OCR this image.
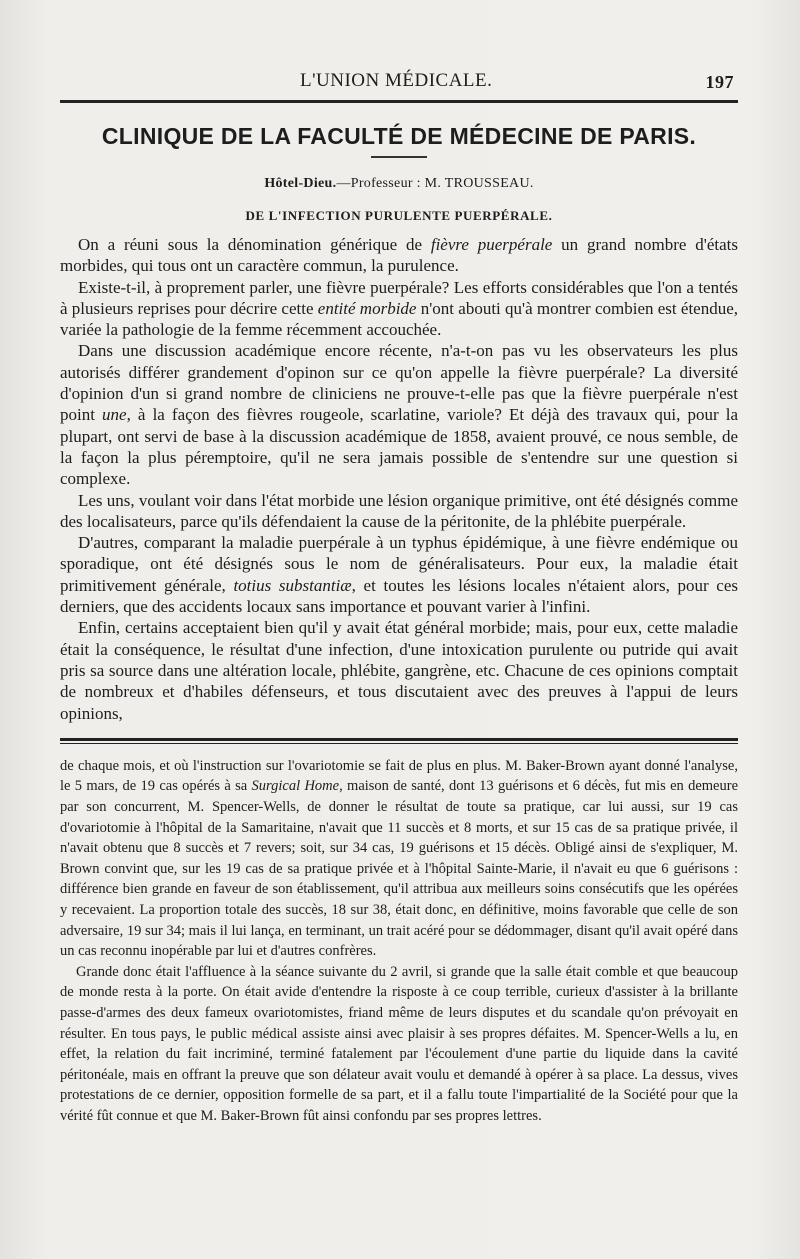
L'UNION MÉDICALE.	197
CLINIQUE DE LA FACULTÉ DE MÉDECINE DE PARIS.
Hôtel-Dieu.—Professeur : M. TROUSSEAU.
DE L'INFECTION PURULENTE PUERPÉRALE.

On a réuni sous la dénomination générique de fièvre puerpérale un grand nombre d'états morbides, qui tous ont un caractère commun, la purulence.

Existe-t-il, à proprement parler, une fièvre puerpérale? Les efforts considérables que l'on a tentés à plusieurs reprises pour décrire cette entité morbide n'ont abouti qu'à montrer combien est étendue, variée la pathologie de la femme récemment accouchée.

Dans une discussion académique encore récente, n'a-t-on pas vu les observateurs les plus autorisés différer grandement d'opinon sur ce qu'on appelle la fièvre puerpérale? La diversité d'opinion d'un si grand nombre de cliniciens ne prouve-t-elle pas que la fièvre puerpérale n'est point une, à la façon des fièvres rougeole, scarlatine, variole? Et déjà des travaux qui, pour la plupart, ont servi de base à la discussion académique de 1858, avaient prouvé, ce nous semble, de la façon la plus péremptoire, qu'il ne sera jamais possible de s'entendre sur une question si complexe.

Les uns, voulant voir dans l'état morbide une lésion organique primitive, ont été désignés comme des localisateurs, parce qu'ils défendaient la cause de la péritonite, de la phlébite puerpérale.

D'autres, comparant la maladie puerpérale à un typhus épidémique, à une fièvre endémique ou sporadique, ont été désignés sous le nom de généralisateurs. Pour eux, la maladie était primitivement générale, totius substantiæ, et toutes les lésions locales n'étaient alors, pour ces derniers, que des accidents locaux sans importance et pouvant varier à l'infini.

Enfin, certains acceptaient bien qu'il y avait état général morbide; mais, pour eux, cette maladie était la conséquence, le résultat d'une infection, d'une intoxication purulente ou putride qui avait pris sa source dans une altération locale, phlébite, gangrène, etc. Chacune de ces opinions comptait de nombreux et d'habiles défenseurs, et tous discutaient avec des preuves à l'appui de leurs opinions,

de chaque mois, et où l'instruction sur l'ovariotomie se fait de plus en plus. M. Baker-Brown ayant donné l'analyse, le 5 mars, de 19 cas opérés à sa Surgical Home, maison de santé, dont 13 guérisons et 6 décès, fut mis en demeure par son concurrent, M. Spencer-Wells, de donner le résultat de toute sa pratique, car lui aussi, sur 19 cas d'ovariotomie à l'hôpital de la Samaritaine, n'avait que 11 succès et 8 morts, et sur 15 cas de sa pratique privée, il n'avait obtenu que 8 succès et 7 revers; soit, sur 34 cas, 19 guérisons et 15 décès. Obligé ainsi de s'expliquer, M. Brown convint que, sur les 19 cas de sa pratique privée et à l'hôpital Sainte-Marie, il n'avait eu que 6 guérisons : différence bien grande en faveur de son établissement, qu'il attribua aux meilleurs soins consécutifs que les opérées y recevaient. La proportion totale des succès, 18 sur 38, était donc, en définitive, moins favorable que celle de son adversaire, 19 sur 34; mais il lui lança, en terminant, un trait acéré pour se dédommager, disant qu'il avait opéré dans un cas reconnu inopérable par lui et d'autres confrères.

Grande donc était l'affluence à la séance suivante du 2 avril, si grande que la salle était comble et que beaucoup de monde resta à la porte. On était avide d'entendre la risposte à ce coup terrible, curieux d'assister à la brillante passe-d'armes des deux fameux ovariotomistes, friand même de leurs disputes et du scandale qu'on prévoyait en résulter. En tous pays, le public médical assiste ainsi avec plaisir à ses propres défaites. M. Spencer-Wells a lu, en effet, la relation du fait incriminé, terminé fatalement par l'écoulement d'une partie du liquide dans la cavité péritonéale, mais en offrant la preuve que son délateur avait voulu et demandé à opérer à sa place. La dessus, vives protestations de ce dernier, opposition formelle de sa part, et il a fallu toute l'impartialité de la Société pour que la vérité fût connue et que M. Baker-Brown fût ainsi confondu par ses propres lettres.
